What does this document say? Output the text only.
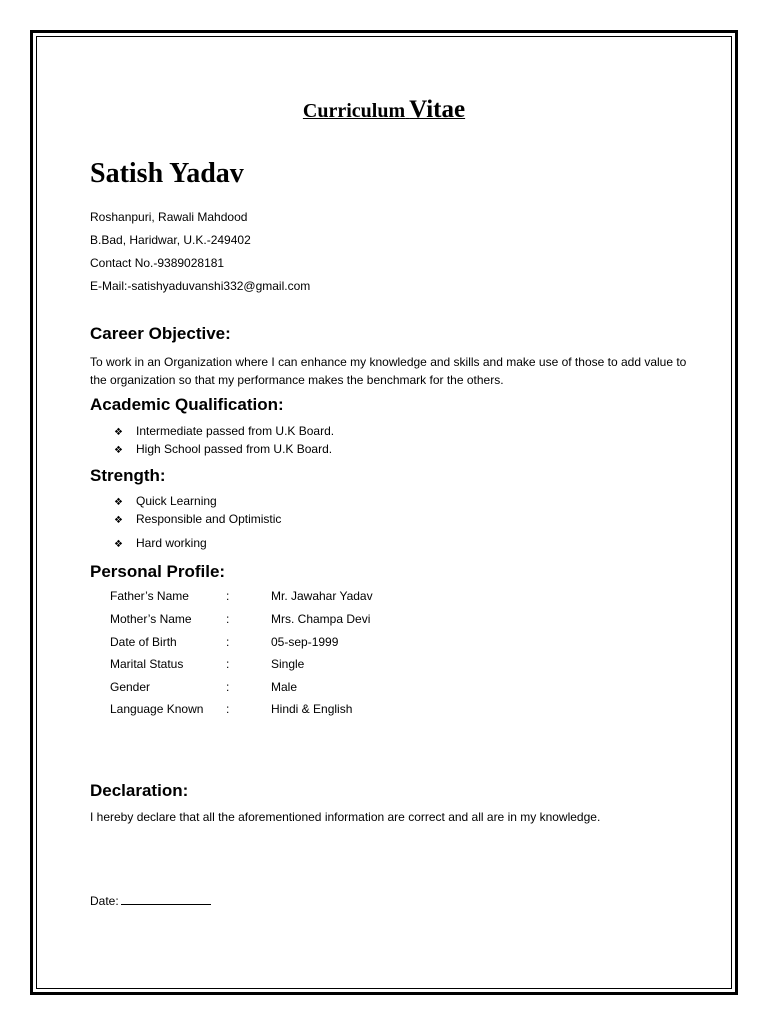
Curriculum Vitae
Satish Yadav
Roshanpuri, Rawali Mahdood
B.Bad, Haridwar, U.K.-249402
Contact No.-9389028181
E-Mail:-satishyaduvanshi332@gmail.com
Career Objective:
To work in an Organization where I can enhance my knowledge and skills and make use of those to add value to the organization so that my performance makes the benchmark for the others.
Academic Qualification:
❖ Intermediate passed from U.K Board.
❖ High School passed from U.K Board.
Strength:
❖ Quick Learning
❖ Responsible and Optimistic
❖ Hard working
Personal Profile:
Father’s Name	:	Mr. Jawahar Yadav
Mother’s Name	:	Mrs. Champa Devi
Date of Birth	:	05-sep-1999
Marital Status	:	Single
Gender	:	Male
Language Known :	Hindi & English
Declaration:
I hereby declare that all the aforementioned information are correct and all are in my knowledge.
Date:
